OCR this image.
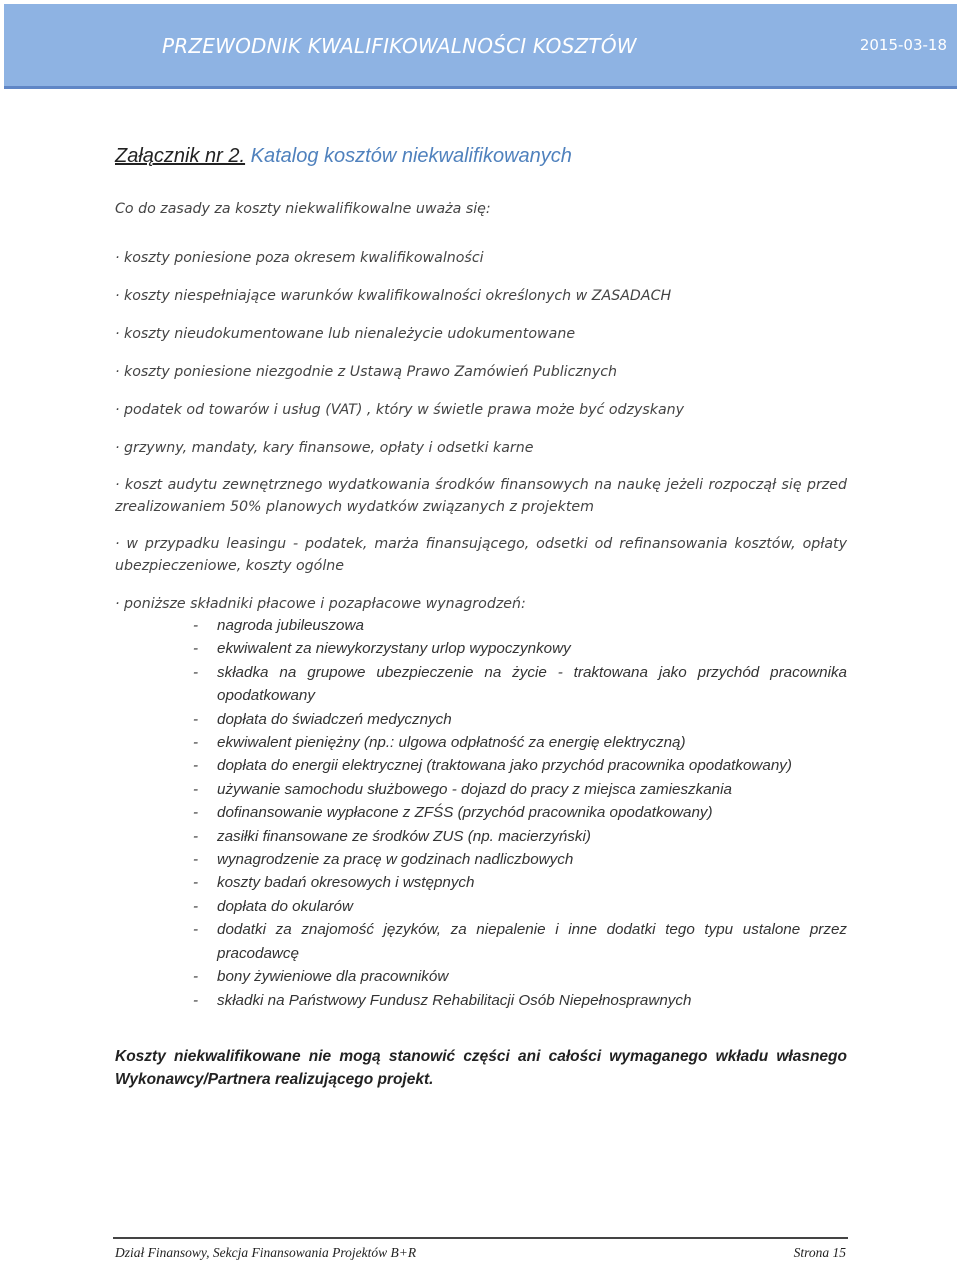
PRZEWODNIK KWALIFIKOWALNOŚCI KOSZTÓW	2015-03-18
Załącznik nr 2. Katalog kosztów niekwalifikowanych
Co do zasady za koszty niekwalifikowalne uważa się:
· koszty poniesione poza okresem kwalifikowalności
· koszty niespełniające warunków kwalifikowalności określonych w ZASADACH
· koszty nieudokumentowane lub nienależycie udokumentowane
· koszty poniesione niezgodnie z Ustawą Prawo Zamówień Publicznych
· podatek od towarów i usług (VAT) , który w świetle prawa może być odzyskany
· grzywny, mandaty, kary finansowe, opłaty i odsetki karne
· koszt audytu zewnętrznego wydatkowania środków finansowych na naukę jeżeli rozpoczął się przed zrealizowaniem 50% planowych wydatków związanych z projektem
· w przypadku leasingu - podatek, marża finansującego, odsetki od refinansowania kosztów, opłaty ubezpieczeniowe, koszty ogólne
· poniższe składniki płacowe i pozapłacowe wynagrodzeń:
- nagroda jubileuszowa
- ekwiwalent za niewykorzystany urlop wypoczynkowy
- składka na grupowe ubezpieczenie na życie - traktowana jako przychód pracownika opodatkowany
- dopłata do świadczeń medycznych
- ekwiwalent pieniężny (np.: ulgowa odpłatność za energię elektryczną)
- dopłata do energii elektrycznej (traktowana jako przychód pracownika opodatkowany)
- używanie samochodu służbowego - dojazd do pracy z miejsca zamieszkania
- dofinansowanie wypłacone z ZFŚS (przychód pracownika opodatkowany)
- zasiłki finansowane ze środków ZUS (np. macierzyński)
- wynagrodzenie za pracę w godzinach nadliczbowych
- koszty badań okresowych i wstępnych
- dopłata do okularów
- dodatki za znajomość języków, za niepalenie i inne dodatki tego typu ustalone przez pracodawcę
- bony żywieniowe dla pracowników
- składki na Państwowy Fundusz Rehabilitacji Osób Niepełnosprawnych
Koszty niekwalifikowane nie mogą stanowić części ani całości wymaganego wkładu własnego Wykonawcy/Partnera realizującego projekt.
Dział Finansowy, Sekcja Finansowania Projektów B+R	Strona 15
